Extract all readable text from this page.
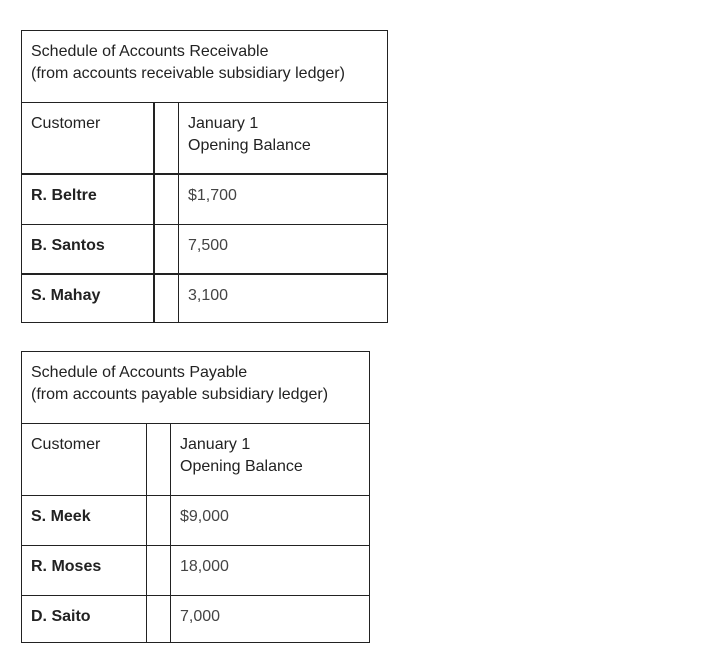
Schedule of Accounts Receivable
(from accounts receivable subsidiary ledger)
Customer	January 1
Opening Balance
R. Beltre	$1,700
B. Santos	7,500
S. Mahay	3,100
Schedule of Accounts Payable
(from accounts payable subsidiary ledger)
Customer	January 1
Opening Balance
S. Meek	$9,000
R. Moses	18,000
D. Saito	7,000
